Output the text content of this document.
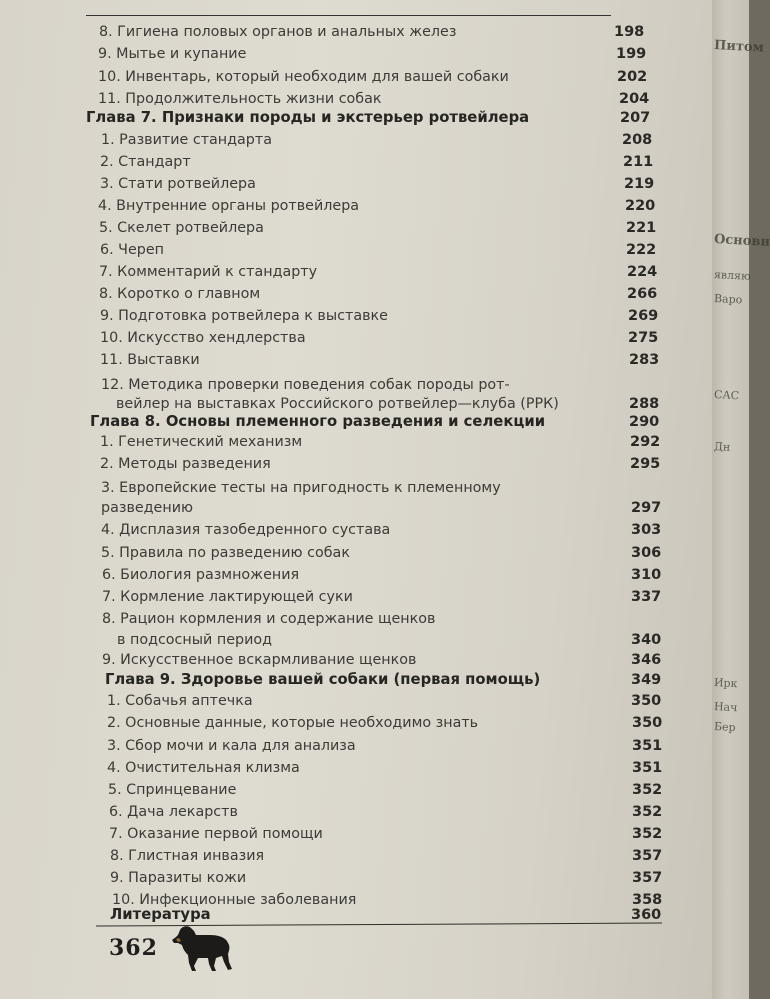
8. Гигиена половых органов и анальных желез	198
9. Мытье и купание	199
10. Инвентарь, который необходим для вашей собаки	202
11. Продолжительность жизни собак	204
Глава 7. Признаки породы и экстерьер ротвейлера	207
1. Развитие стандарта	208
2. Стандарт	211
3. Стати ротвейлера	219
4. Внутренние органы ротвейлера	220
5. Скелет ротвейлера	221
6. Череп	222
7. Комментарий к стандарту	224
8. Коротко о главном	266
9. Подготовка ротвейлера к выставке	269
10. Искусство хендлерства	275
11. Выставки	283
12. Методика проверки поведения собак породы рот-
вейлер на выставках Российского ротвейлер—клуба (РРК)	288
Глава 8. Основы племенного разведения и селекции	290
1. Генетический механизм	292
2. Методы разведения	295
3. Европейские тесты на пригодность к племенному
разведению	297
4. Дисплазия тазобедренного сустава	303
5. Правила по разведению собак	306
6. Биология размножения	310
7. Кормление лактирующей суки	337
8. Рацион кормления и содержание щенков
в подсосный период	340
9. Искусственное вскармливание щенков	346
Глава 9. Здоровье вашей собаки (первая помощь)	349
1. Собачья аптечка	350
2. Основные данные, которые необходимо знать	350
3. Сбор мочи и кала для анализа	351
4. Очистительная клизма	351
5. Спринцевание	352
6. Дача лекарств	352
7. Оказание первой помощи	352
8. Глистная инвазия	357
9. Паразиты кожи	357
10. Инфекционные заболевания	358
Литература	360
362
Питом
Основн
являю
Варо
САС
Дн
Ирк
Нач
Бер
